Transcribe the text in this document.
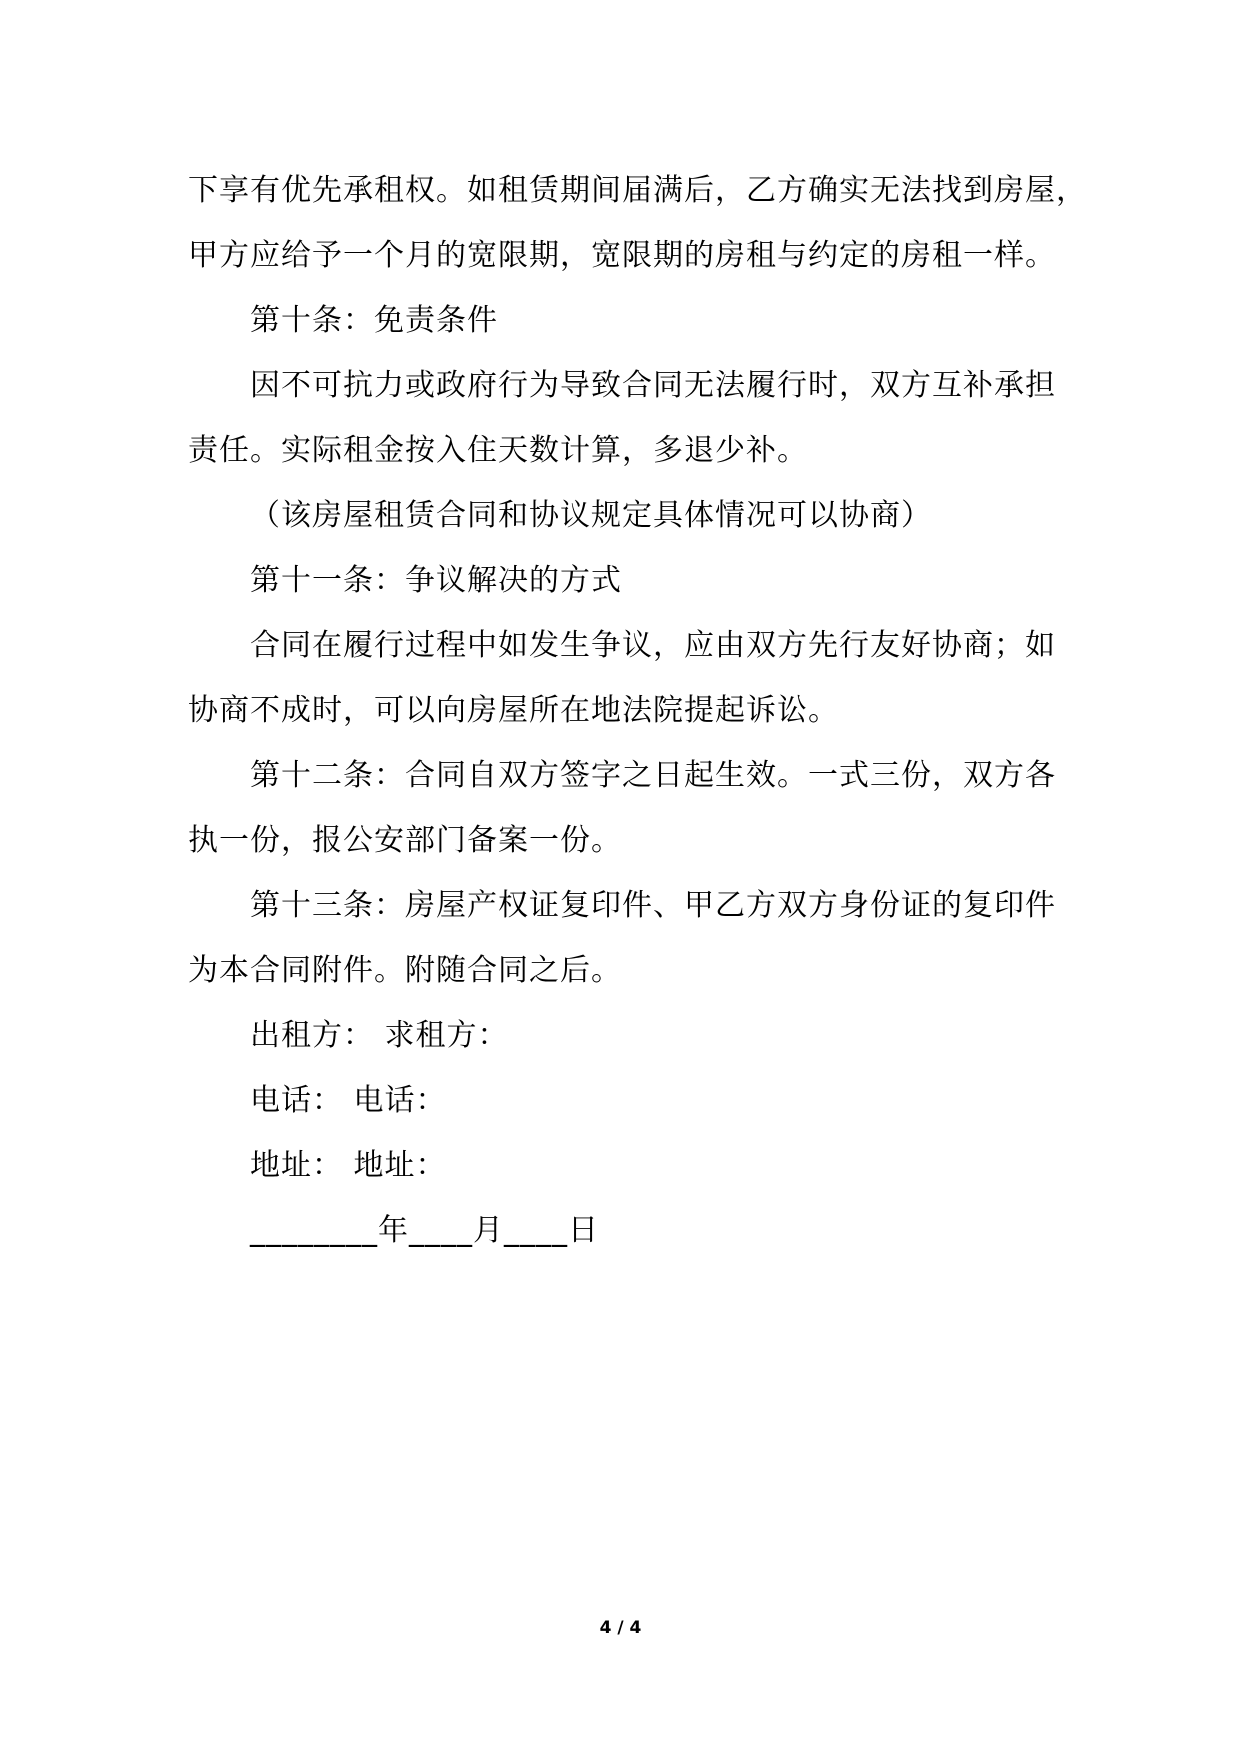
下享有优先承租权。如租赁期间届满后，乙方确实无法找到房屋，
甲方应给予一个月的宽限期，宽限期的房租与约定的房租一样。
第十条：免责条件
因不可抗力或政府行为导致合同无法履行时，双方互补承担
责任。实际租金按入住天数计算，多退少补。
（该房屋租赁合同和协议规定具体情况可以协商）
第十一条：争议解决的方式
合同在履行过程中如发生争议，应由双方先行友好协商；如
协商不成时，可以向房屋所在地法院提起诉讼。
第十二条：合同自双方签字之日起生效。一式三份，双方各
执一份，报公安部门备案一份。
第十三条：房屋产权证复印件、甲乙方双方身份证的复印件
为本合同附件。附随合同之后。
出租方： 求租方：
电话： 电话：
地址： 地址：
________年____月____日
4 / 4
